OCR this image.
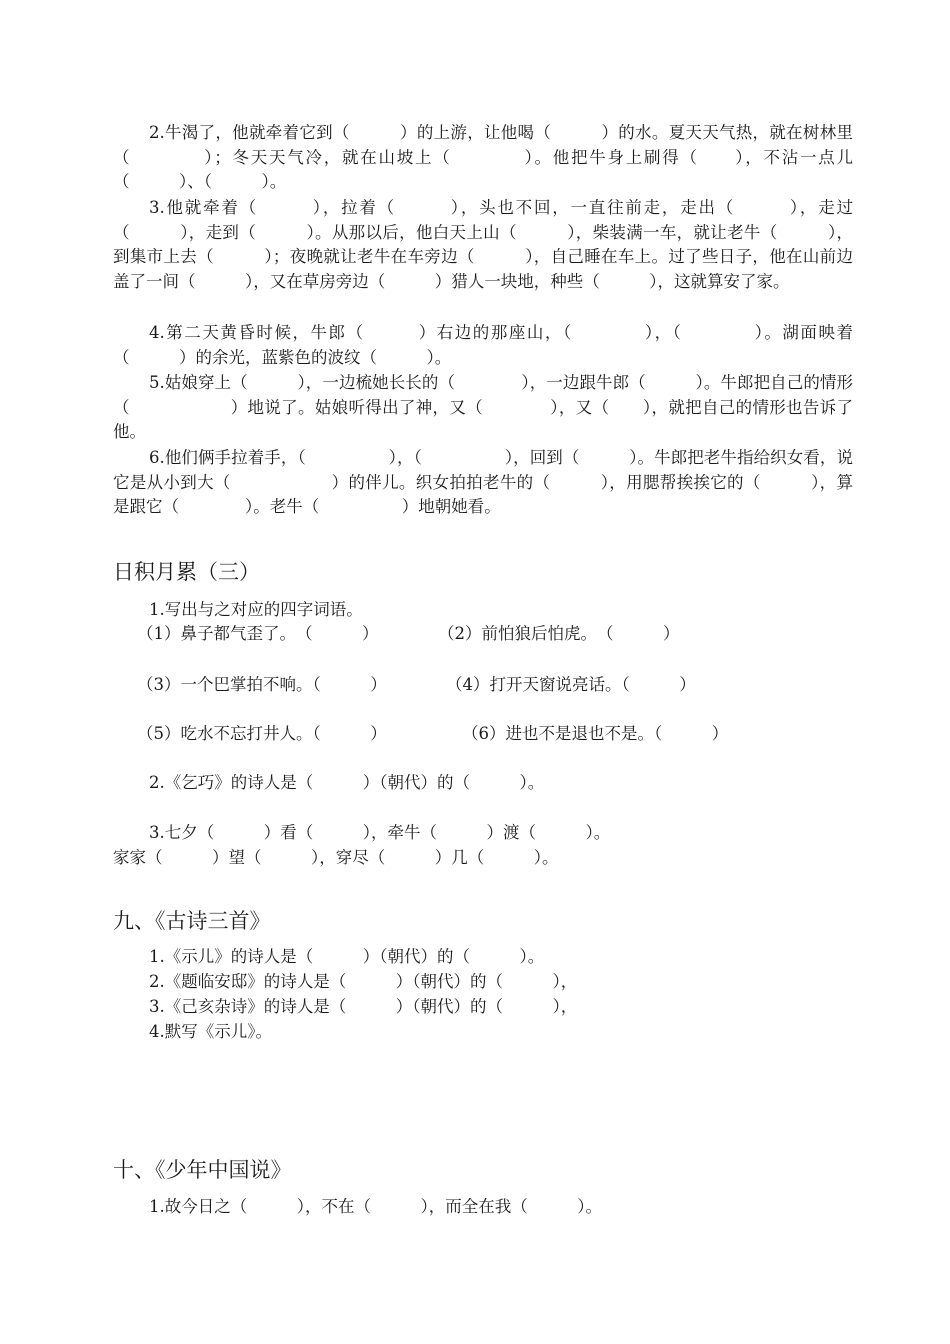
2.牛渴了，他就牵着它到（　　　）的上游，让他喝（　　　）的水。夏天天气热，就在树林里（　　　　）；冬天天气冷，就在山坡上（　　　　）。他把牛身上刷得（　　），不沾一点儿（　　　）、（　　　）。

3.他就牵着（　　　），拉着（　　　），头也不回，一直往前走，走出（　　　），走过（　　　），走到（　　　）。从那以后，他白天上山（　　　），柴装满一车，就让老牛（　　　），到集市上去（　　　）；夜晚就让老牛在车旁边（　　　），自己睡在车上。过了些日子，他在山前边盖了一间（　　　），又在草房旁边（　　　）猎人一块地，种些（　　　），这就算安了家。

4.第二天黄昏时候，牛郎（　　　）右边的那座山，（　　　　），（　　　　）。湖面映着（　　　）的余光，蓝紫色的波纹（　　　）。

5.姑娘穿上（　　　），一边梳她长长的（　　　　），一边跟牛郎（　　　）。牛郎把自己的情形（　　　　　　）地说了。姑娘听得出了神，又（　　　　），又（　　），就把自己的情形也告诉了他。

6.他们俩手拉着手，（　　　　　），（　　　　　），回到（　　　）。牛郎把老牛指给织女看，说它是从小到大（　　　　　　）的伴儿。织女拍拍老牛的（　　　），用腮帮挨挨它的（　　　），算是跟它（　　　　）。老牛（　　　　　）地朝她看。

日积月累（三）

1.写出与之对应的四字词语。

（1）鼻子都气歪了。　（　　　）	（2）前怕狼后怕虎。　（　　　）

（3）一个巴掌拍不响。（　　　）	（4）打开天窗说亮话。（　　　）

（5）吃水不忘打井人。（　　　）	（6）进也不是退也不是。（　　　）

2.《乞巧》的诗人是（　　　）（朝代）的（　　　）。

3.七夕（　　　）看（　　　），牵牛（　　　）渡（　　　）。

家家（　　　）望（　　　），穿尽（　　　）几（　　　）。

九、《古诗三首》

1.《示儿》的诗人是（　　　）（朝代）的（　　　）。

2.《题临安邸》的诗人是（　　　）（朝代）的（　　　），

3.《己亥杂诗》的诗人是（　　　）（朝代）的（　　　），

4.默写《示儿》。

十、《少年中国说》

1.故今日之（　　　），不在（　　　），而全在我（　　　）。
